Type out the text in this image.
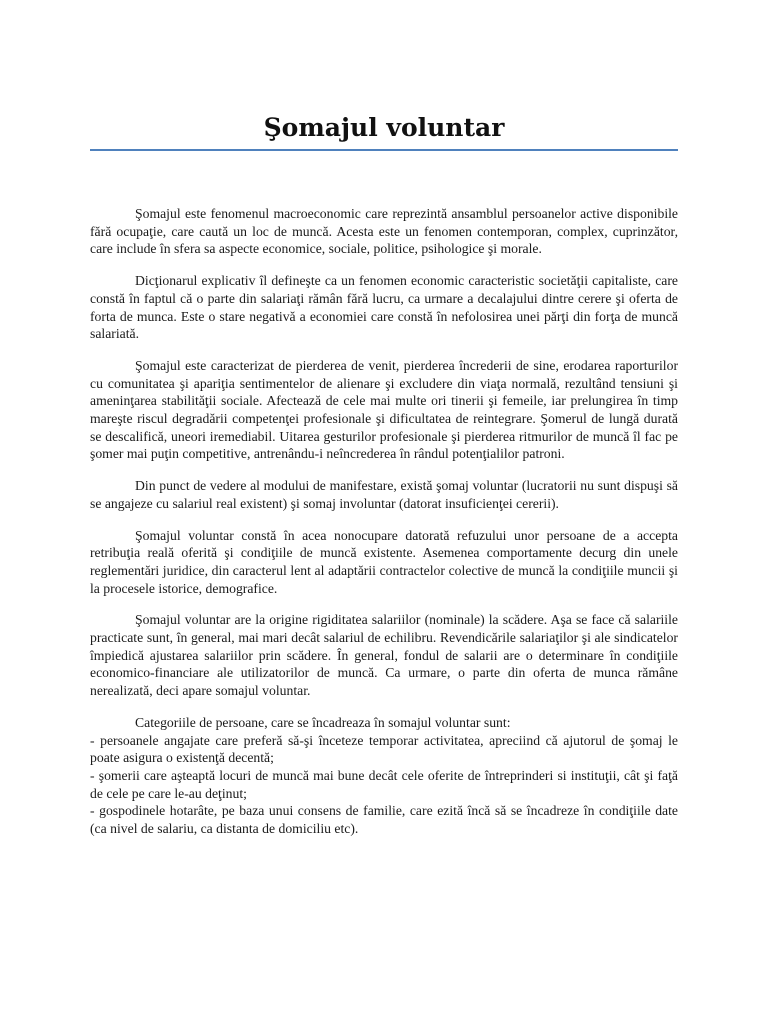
Şomajul voluntar

Şomajul este fenomenul macroeconomic care reprezintă ansamblul persoanelor active disponibile fără ocupaţie, care caută un loc de muncă. Acesta este un fenomen contemporan, complex, cuprinzător, care include în sfera sa aspecte economice, sociale, politice, psihologice şi morale.

Dicţionarul explicativ îl defineşte ca un fenomen economic caracteristic societăţii capitaliste, care constă în faptul că o parte din salariaţi rămân fără lucru, ca urmare a decalajului dintre cerere şi oferta de forta de munca. Este o stare negativă a economiei care constă în nefolosirea unei părţi din forţa de muncă salariată.

Şomajul este caracterizat de pierderea de venit, pierderea încrederii de sine, erodarea raporturilor cu comunitatea şi apariţia sentimentelor de alienare şi excludere din viaţa normală, rezultând tensiuni şi ameninţarea stabilităţii sociale. Afectează de cele mai multe ori tinerii şi femeile, iar prelungirea în timp mareşte riscul degradării competenţei profesionale şi dificultatea de reintegrare. Şomerul de lungă durată se descalifică, uneori iremediabil. Uitarea gesturilor profesionale şi pierderea ritmurilor de muncă îl fac pe şomer mai puţin competitive, antrenându-i neîncrederea în rândul potenţialilor patroni.

Din punct de vedere al modului de manifestare, există şomaj voluntar (lucratorii nu sunt dispuşi să se angajeze cu salariul real existent) şi somaj involuntar (datorat insuficienţei cererii).

Şomajul voluntar constă în acea nonocupare datorată refuzului unor persoane de a accepta retribuţia reală oferită şi condiţiile de muncă existente. Asemenea comportamente decurg din unele reglementări juridice, din caracterul lent al adaptării contractelor colective de muncă la condiţiile muncii şi la procesele istorice, demografice.

Şomajul voluntar are la origine rigiditatea salariilor (nominale) la scădere. Aşa se face că salariile practicate sunt, în general, mai mari decât salariul de echilibru. Revendicările salariaţilor şi ale sindicatelor împiedică ajustarea salariilor prin scădere. În general, fondul de salarii are o determinare în condiţiile economico-financiare ale utilizatorilor de muncă. Ca urmare, o parte din oferta de munca rămâne nerealizată, deci apare somajul voluntar.

Categoriile de persoane, care se încadreaza în somajul voluntar sunt:

- persoanele angajate care preferă să-şi înceteze temporar activitatea, apreciind că ajutorul de şomaj le poate asigura o existenţă decentă;

- şomerii care aşteaptă locuri de muncă mai bune decât cele oferite de întreprinderi si instituţii, cât şi faţă de cele pe care le-au deţinut;

- gospodinele hotarâte, pe baza unui consens de familie, care ezită încă să se încadreze în condiţiile date (ca nivel de salariu, ca distanta de domiciliu etc).
